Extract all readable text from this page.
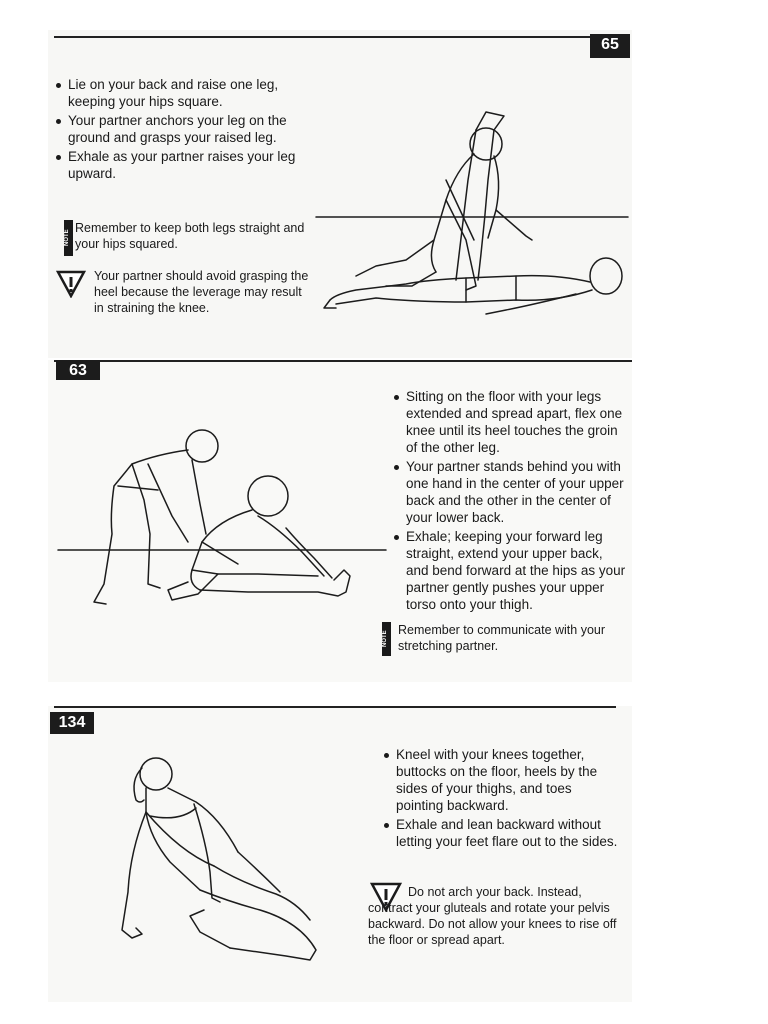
65
Lie on your back and raise one leg, keeping your hips square.
Your partner anchors your leg on the ground and grasps your raised leg.
Exhale as your partner raises your leg upward.
NOTE
Remember to keep both legs straight and your hips squared.
Your partner should avoid grasping the heel because the leverage may result in straining the knee.
63
Sitting on the floor with your legs extended and spread apart, flex one knee until its heel touches the groin of the other leg.
Your partner stands behind you with one hand in the center of your upper back and the other in the center of your lower back.
Exhale; keeping your forward leg straight, extend your upper back, and bend forward at the hips as your partner gently pushes your upper torso onto your thigh.
NOTE
Remember to communicate with your stretching partner.
134
Kneel with your knees together, buttocks on the floor, heels by the sides of your thighs, and toes pointing backward.
Exhale and lean backward without letting your feet flare out to the sides.
Do not arch your back. Instead, contract your gluteals and rotate your pelvis backward. Do not allow your knees to rise off the floor or spread apart.
